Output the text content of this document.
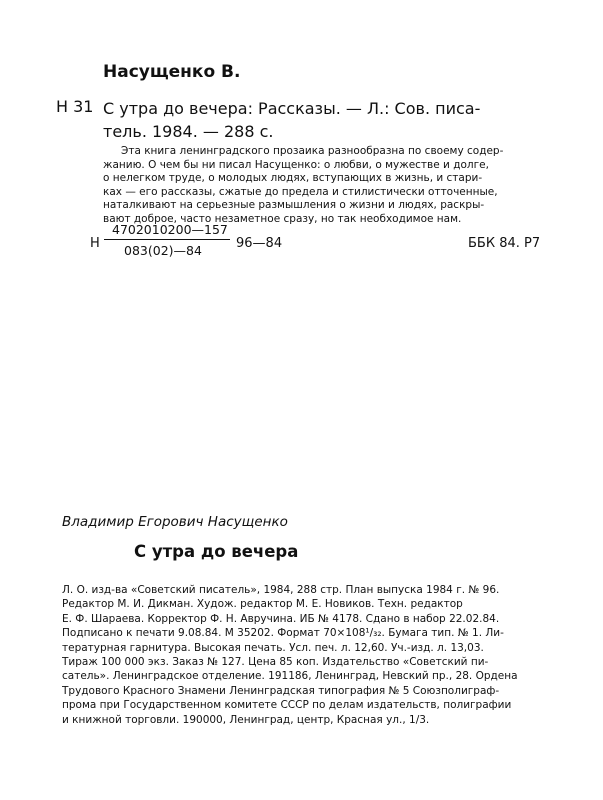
Насущенко В.
Н 31 С утра до вечера: Рассказы. — Л.: Сов. писа-
тель. 1984. — 288 с.
Эта книга ленинградского прозаика разнообразна по своему содер-
жанию. О чем бы ни писал Насущенко: о любви, о мужестве и долге,
о нелегком труде, о молодых людях, вступающих в жизнь, и стари-
ках — его рассказы, сжатые до предела и стилистически отточенные,
наталкивают на серьезные размышления о жизни и людях, раскры-
вают доброе, часто незаметное сразу, но так необходимое нам.
Н $\frac{4702010200—157}{083(02)—84}$ 96—84	ББК 84. Р7
Владимир Егорович Насущенко
С утра до вечера
Л. О. изд-ва «Советский писатель», 1984, 288 стр. План выпуска 1984 г. № 96.
Редактор М. И. Дикман. Худож. редактор М. Е. Новиков. Техн. редактор
Е. Ф. Шараева. Корректор Ф. Н. Авручина. ИБ № 4178. Сдано в набор 22.02.84.
Подписано к печати 9.08.84. М 35202. Формат 70×108¹/₃₂. Бумага тип. № 1. Ли-
тературная гарнитура. Высокая печать. Усл. печ. л. 12,60. Уч.-изд. л. 13,03.
Тираж 100 000 экз. Заказ № 127. Цена 85 коп. Издательство «Советский пи-
сатель». Ленинградское отделение. 191186, Ленинград, Невский пр., 28. Ордена
Трудового Красного Знамени Ленинградская типография № 5 Союзполиграф-
прома при Государственном комитете СССР по делам издательств, полиграфии
и книжной торговли. 190000, Ленинград, центр, Красная ул., 1/3.
